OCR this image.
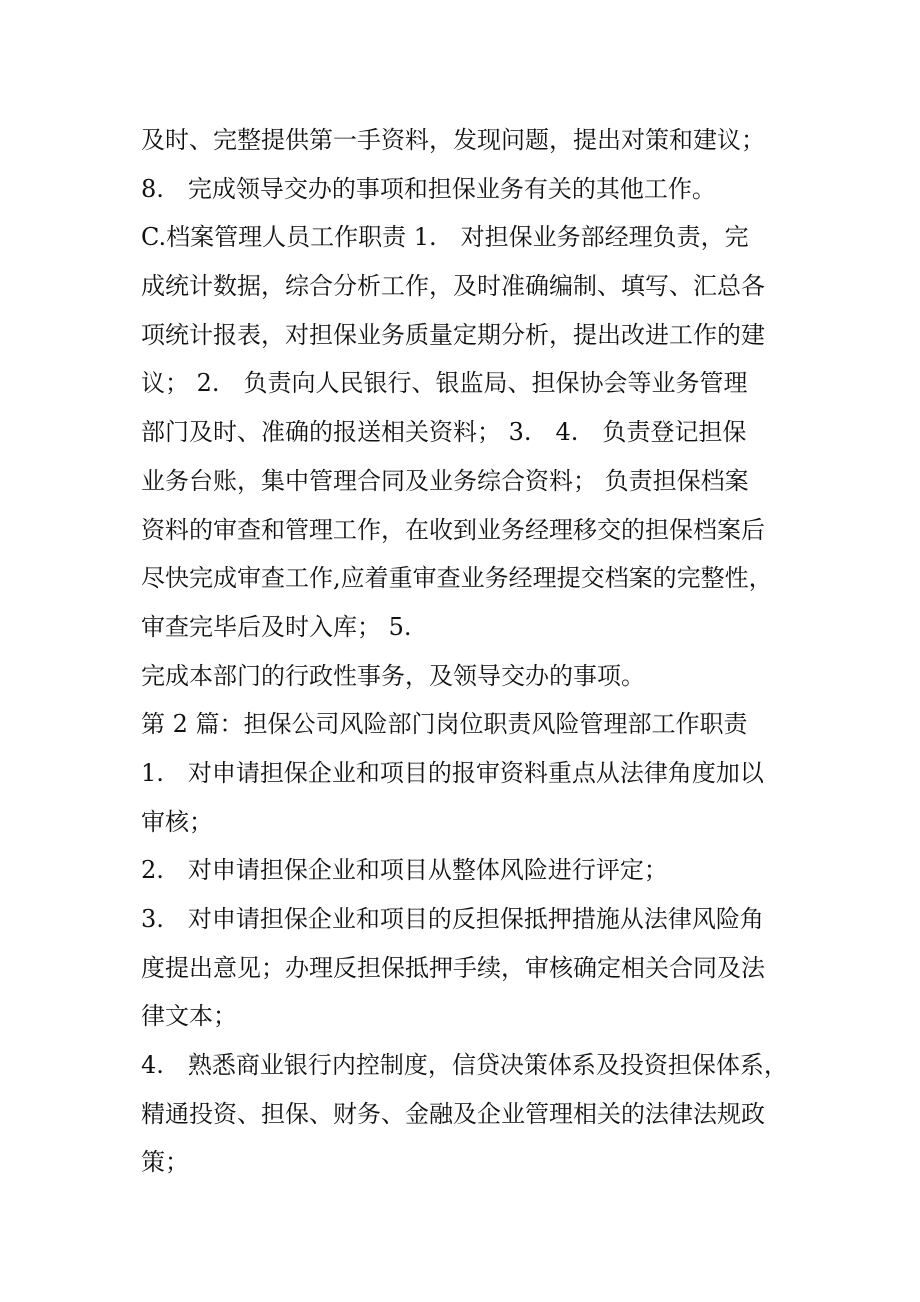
及时、完整提供第一手资料，发现问题，提出对策和建议；
8.　完成领导交办的事项和担保业务有关的其他工作。
C.档案管理人员工作职责 1.　对担保业务部经理负责，完
成统计数据，综合分析工作，及时准确编制、填写、汇总各
项统计报表，对担保业务质量定期分析，提出改进工作的建
议； 2.　负责向人民银行、银监局、担保协会等业务管理
部门及时、准确的报送相关资料； 3.　4.　负责登记担保
业务台账，集中管理合同及业务综合资料； 负责担保档案
资料的审查和管理工作，在收到业务经理移交的担保档案后
尽快完成审查工作,应着重审查业务经理提交档案的完整性，
审查完毕后及时入库； 5.
完成本部门的行政性事务，及领导交办的事项。
第 2 篇：担保公司风险部门岗位职责风险管理部工作职责
1.　对申请担保企业和项目的报审资料重点从法律角度加以
审核；
2.　对申请担保企业和项目从整体风险进行评定；
3.　对申请担保企业和项目的反担保抵押措施从法律风险角
度提出意见；办理反担保抵押手续，审核确定相关合同及法
律文本；
4.　熟悉商业银行内控制度，信贷决策体系及投资担保体系，
精通投资、担保、财务、金融及企业管理相关的法律法规政
策；
